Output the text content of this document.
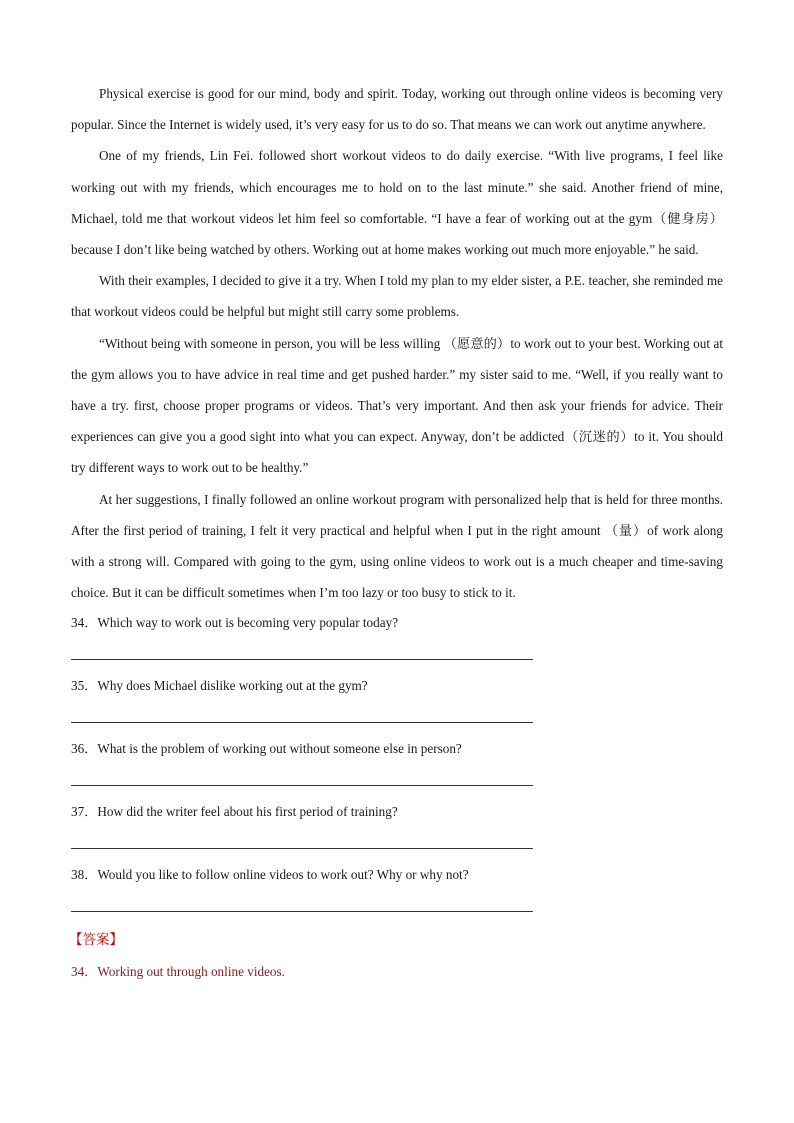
Physical exercise is good for our mind, body and spirit. Today, working out through online videos is becoming very popular. Since the Internet is widely used, it’s very easy for us to do so. That means we can work out anytime anywhere.

One of my friends, Lin Fei. followed short workout videos to do daily exercise. “With live programs, I feel like working out with my friends, which encourages me to hold on to the last minute.” she said. Another friend of mine, Michael, told me that workout videos let him feel so comfortable. “I have a fear of working out at the gym（健身房）because I don’t like being watched by others. Working out at home makes working out much more enjoyable.” he said.

With their examples, I decided to give it a try. When I told my plan to my elder sister, a P.E. teacher, she reminded me that workout videos could be helpful but might still carry some problems.

“Without being with someone in person, you will be less willing （愿意的）to work out to your best. Working out at the gym allows you to have advice in real time and get pushed harder.” my sister said to me. “Well, if you really want to have a try. first, choose proper programs or videos. That’s very important. And then ask your friends for advice. Their experiences can give you a good sight into what you can expect. Anyway, don’t be addicted（沉迷的）to it. You should try different ways to work out to be healthy.”

At her suggestions, I finally followed an online workout program with personalized help that is held for three months. After the first period of training, I felt it very practical and helpful when I put in the right amount （量）of work along with a strong will. Compared with going to the gym, using online videos to work out is a much cheaper and time-saving choice. But it can be difficult sometimes when I’m too lazy or too busy to stick to it.

34．Which way to work out is becoming very popular today?

35．Why does Michael dislike working out at the gym?

36．What is the problem of working out without someone else in person?

37．How did the writer feel about his first period of training?

38．Would you like to follow online videos to work out? Why or why not?

【答案】
34．Working out through online videos.
